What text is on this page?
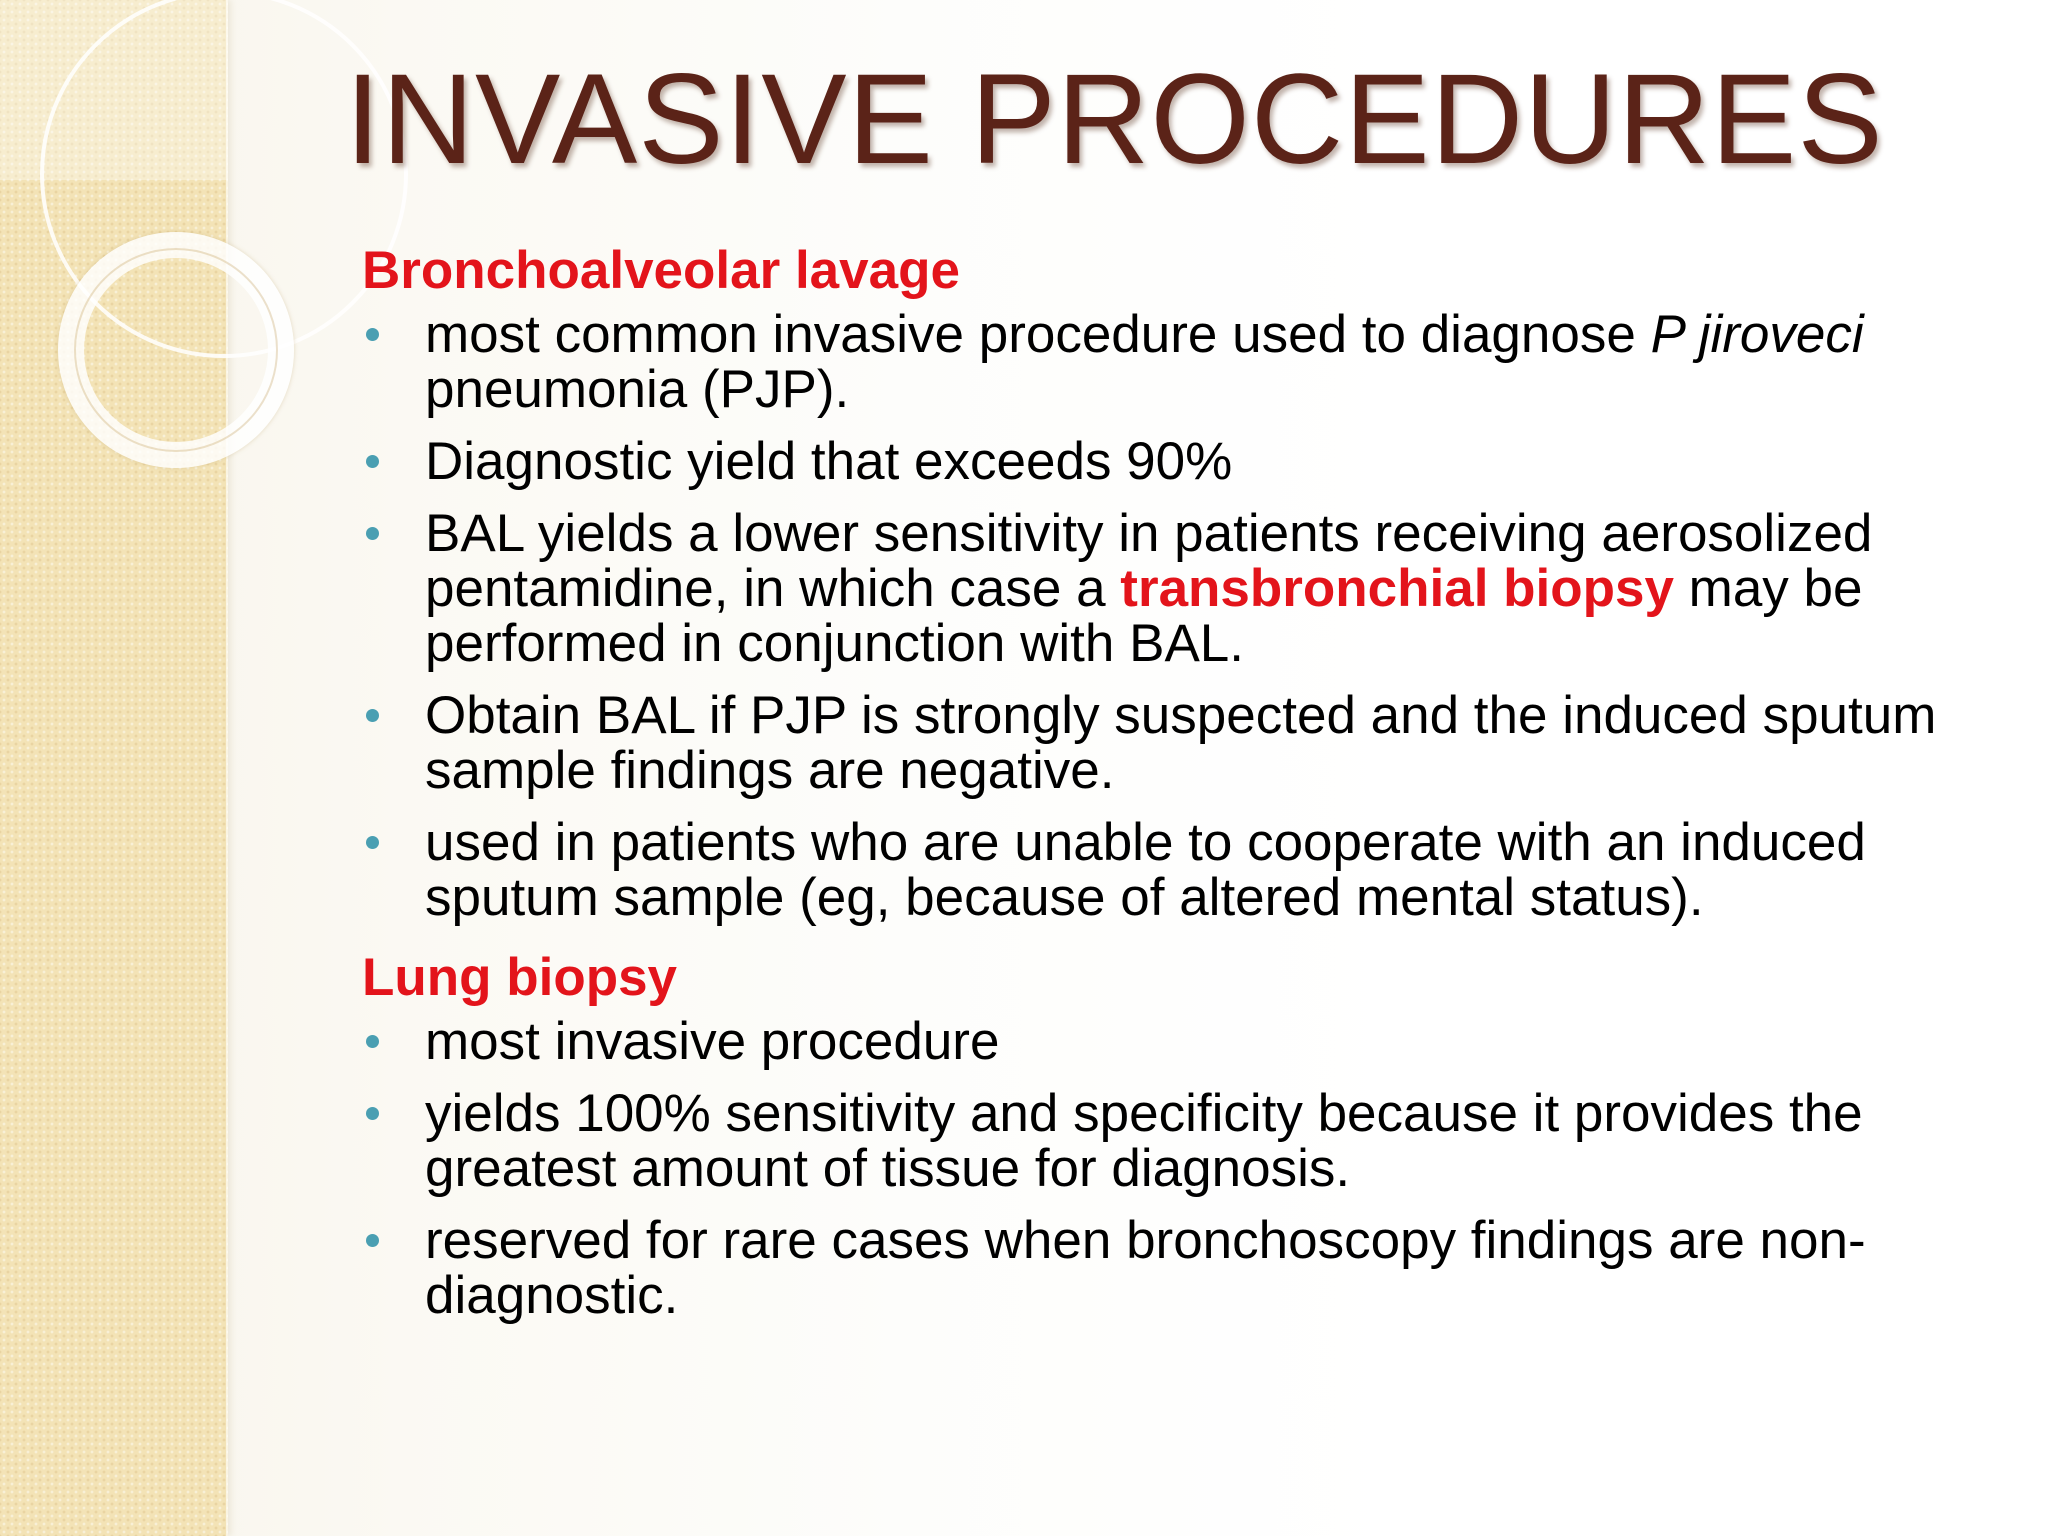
INVASIVE PROCEDURES
Bronchoalveolar lavage
most common invasive procedure used to diagnose P jiroveci pneumonia (PJP).
Diagnostic yield that exceeds 90%
BAL yields a lower sensitivity in patients receiving aerosolized pentamidine, in which case a transbronchial biopsy may be performed in conjunction with BAL.
Obtain BAL if PJP is strongly suspected and the induced sputum sample findings are negative.
used in patients who are unable to cooperate with an induced sputum sample (eg, because of altered mental status).
Lung biopsy
most invasive procedure
yields 100% sensitivity and specificity because it provides the greatest amount of tissue for diagnosis.
reserved for rare cases when bronchoscopy findings are non-diagnostic.
